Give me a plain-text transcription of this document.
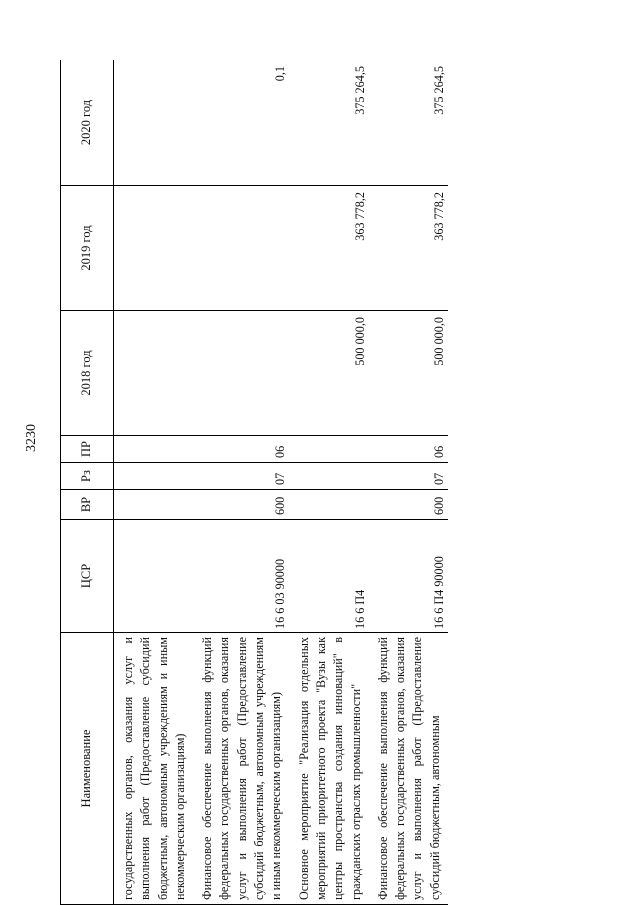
3230
Наименование	ЦСР	ВР	Рз	ПР	2018 год	2019 год	2020 год
государственных органов, оказания услуг и выполнения работ (Предоставление субсидий бюджетным, автономным учреждениям и иным некоммерческим организациям)							
Финансовое обеспечение выполнения функций федеральных государственных органов, оказания услуг и выполнения работ (Предоставление субсидий бюджетным, автономным учреждениям и иным некоммерческим организациям)	16 6 03 90000	600	07	06			0,1
Основное мероприятие "Реализация отдельных мероприятий приоритетного проекта "Вузы как центры пространства создания инноваций" в гражданских отраслях промышленности"	16 6 П4				500 000,0	363 778,2	375 264,5
Финансовое обеспечение выполнения функций федеральных государственных органов, оказания услуг и выполнения работ (Предоставление субсидий бюджетным, автономным	16 6 П4 90000	600	07	06	500 000,0	363 778,2	375 264,5
